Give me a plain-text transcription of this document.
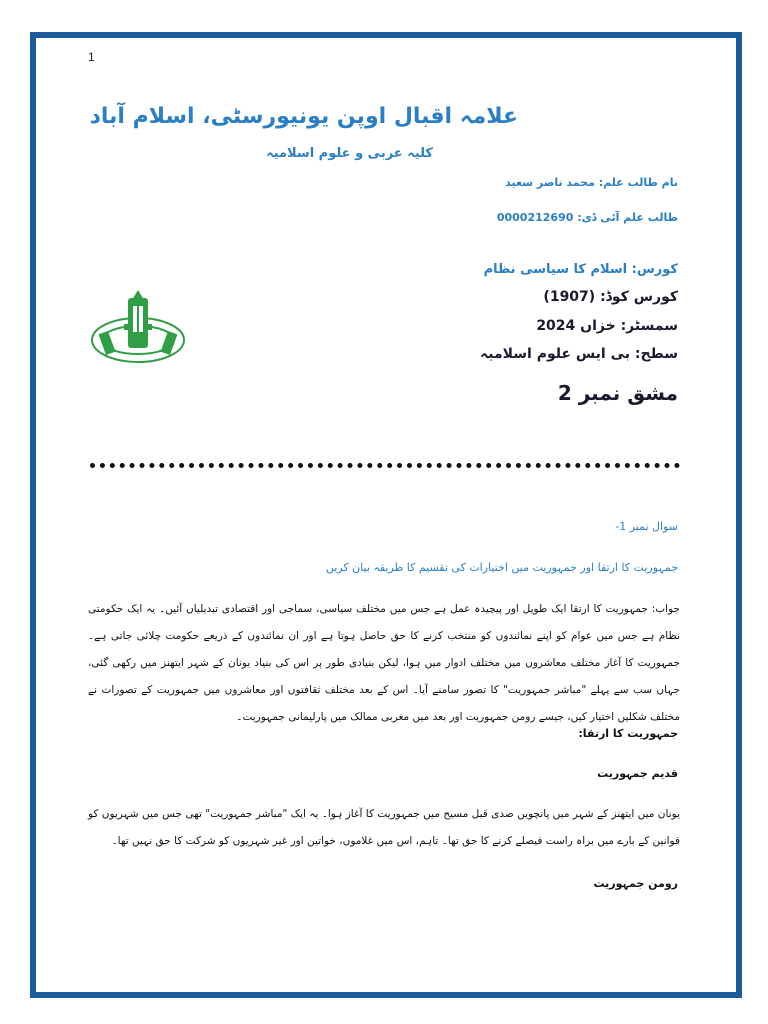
1
علامہ اقبال اوپن یونیورسٹی، اسلام آباد
کلیہ عربی و علوم اسلامیہ
نام طالب علم: محمد ناصر سعید
طالب علم آئی ڈی: 0000212690
کورس: اسلام کا سیاسی نظام
کورس کوڈ: (1907)
سمسٹر: خزاں 2024
سطح: بی ایس علوم اسلامیہ
مشق نمبر 2
سوال نمبر 1-
جمہوریت کا ارتقا اور جمہوریت میں اختیارات کی تقسیم کا طریقہ بیان کریں
جواب: جمہوریت کا ارتقا ایک طویل اور پیچیدہ عمل ہے جس میں مختلف سیاسی، سماجی اور اقتصادی تبدیلیاں آئیں۔ یہ ایک حکومتی نظام ہے جس میں عوام کو اپنے نمائندوں کو منتخب کرنے کا حق حاصل ہوتا ہے اور ان نمائندوں کے ذریعے حکومت چلائی جاتی ہے۔ جمہوریت کا آغاز مختلف معاشروں میں مختلف ادوار میں ہوا، لیکن بنیادی طور پر اس کی بنیاد یونان کے شہر ایتھنز میں رکھی گئی، جہاں سب سے پہلے "مباشر جمہوریت" کا تصور سامنے آیا۔ اس کے بعد مختلف ثقافتوں اور معاشروں میں جمہوریت کے تصورات نے مختلف شکلیں اختیار کیں، جیسے رومن جمہوریت اور بعد میں مغربی ممالک میں پارلیمانی جمہوریت۔
جمہوریت کا ارتقا:
قدیم جمہوریت
یونان میں ایتھنز کے شہر میں پانچویں صدی قبل مسیح میں جمہوریت کا آغاز ہوا۔ یہ ایک "مباشر جمہوریت" تھی جس میں شہریوں کو قوانین کے بارے میں براہ راست فیصلے کرنے کا حق تھا۔ تاہم، اس میں غلاموں، خواتین اور غیر شہریوں کو شرکت کا حق نہیں تھا۔
رومن جمہوریت
